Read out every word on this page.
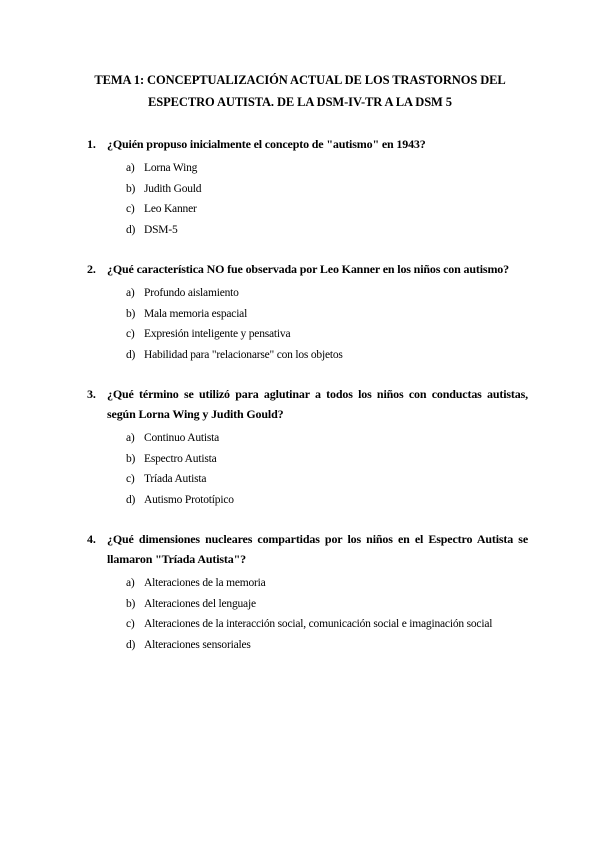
TEMA 1: CONCEPTUALIZACIÓN ACTUAL DE LOS TRASTORNOS DEL
ESPECTRO AUTISTA. DE LA DSM-IV-TR A LA DSM 5
1. ¿Quién propuso inicialmente el concepto de "autismo" en 1943?
a) Lorna Wing
b) Judith Gould
c) Leo Kanner
d) DSM-5
2. ¿Qué característica NO fue observada por Leo Kanner en los niños con autismo?
a) Profundo aislamiento
b) Mala memoria espacial
c) Expresión inteligente y pensativa
d) Habilidad para "relacionarse" con los objetos
3. ¿Qué término se utilizó para aglutinar a todos los niños con conductas autistas, según Lorna Wing y Judith Gould?
a) Continuo Autista
b) Espectro Autista
c) Tríada Autista
d) Autismo Prototípico
4. ¿Qué dimensiones nucleares compartidas por los niños en el Espectro Autista se llamaron "Tríada Autista"?
a) Alteraciones de la memoria
b) Alteraciones del lenguaje
c) Alteraciones de la interacción social, comunicación social e imaginación social
d) Alteraciones sensoriales
